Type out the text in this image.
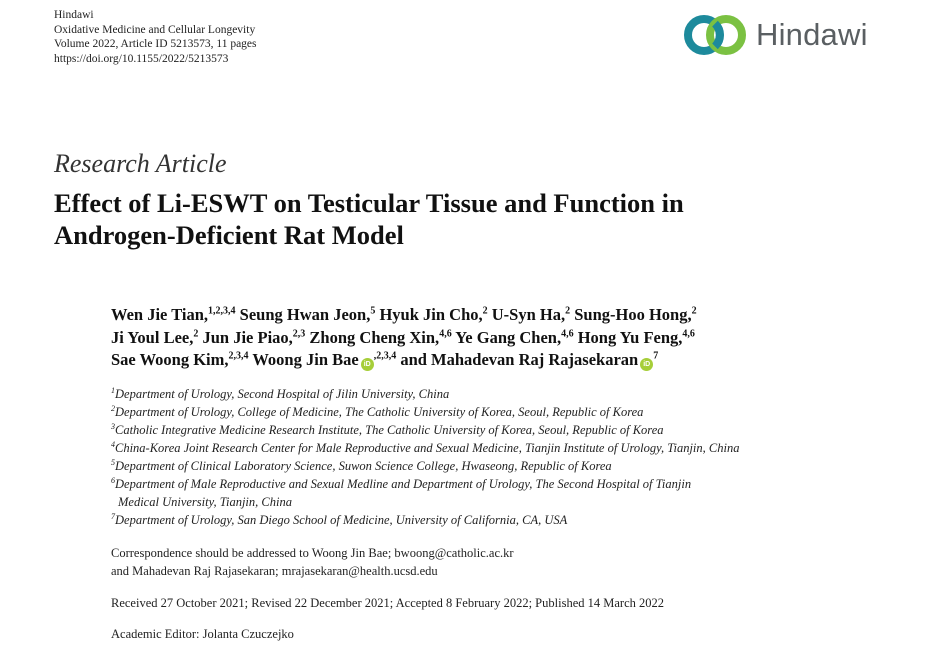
Hindawi
Oxidative Medicine and Cellular Longevity
Volume 2022, Article ID 5213573, 11 pages
https://doi.org/10.1155/2022/5213573
Hindawi
Research Article
Effect of Li-ESWT on Testicular Tissue and Function in
Androgen-Deficient Rat Model
Wen Jie Tian,$^{1,2,3,4}$ Seung Hwan Jeon,$^5$ Hyuk Jin Cho,$^2$ U-Syn Ha,$^2$ Sung-Hoo Hong,$^2$
Ji Youl Lee,$^2$ Jun Jie Piao,$^{2,3}$ Zhong Cheng Xin,$^{4,6}$ Ye Gang Chen,$^{4,6}$ Hong Yu Feng,$^{4,6}$
Sae Woong Kim,$^{2,3,4}$ Woong Jin Bae $iD^{,2,3,4}$ and Mahadevan Raj Rajasekaran $iD^7$
$^1$Department of Urology, Second Hospital of Jilin University, China
$^2$Department of Urology, College of Medicine, The Catholic University of Korea, Seoul, Republic of Korea
$^3$Catholic Integrative Medicine Research Institute, The Catholic University of Korea, Seoul, Republic of Korea
$^4$China-Korea Joint Research Center for Male Reproductive and Sexual Medicine, Tianjin Institute of Urology, Tianjin, China
$^5$Department of Clinical Laboratory Science, Suwon Science College, Hwaseong, Republic of Korea
$^6$Department of Male Reproductive and Sexual Medline and Department of Urology, The Second Hospital of Tianjin
Medical University, Tianjin, China
$^7$Department of Urology, San Diego School of Medicine, University of California, CA, USA
Correspondence should be addressed to Woong Jin Bae; bwoong@catholic.ac.kr
and Mahadevan Raj Rajasekaran; mrajasekaran@health.ucsd.edu
Received 27 October 2021; Revised 22 December 2021; Accepted 8 February 2022; Published 14 March 2022
Academic Editor: Jolanta Czuczejko
